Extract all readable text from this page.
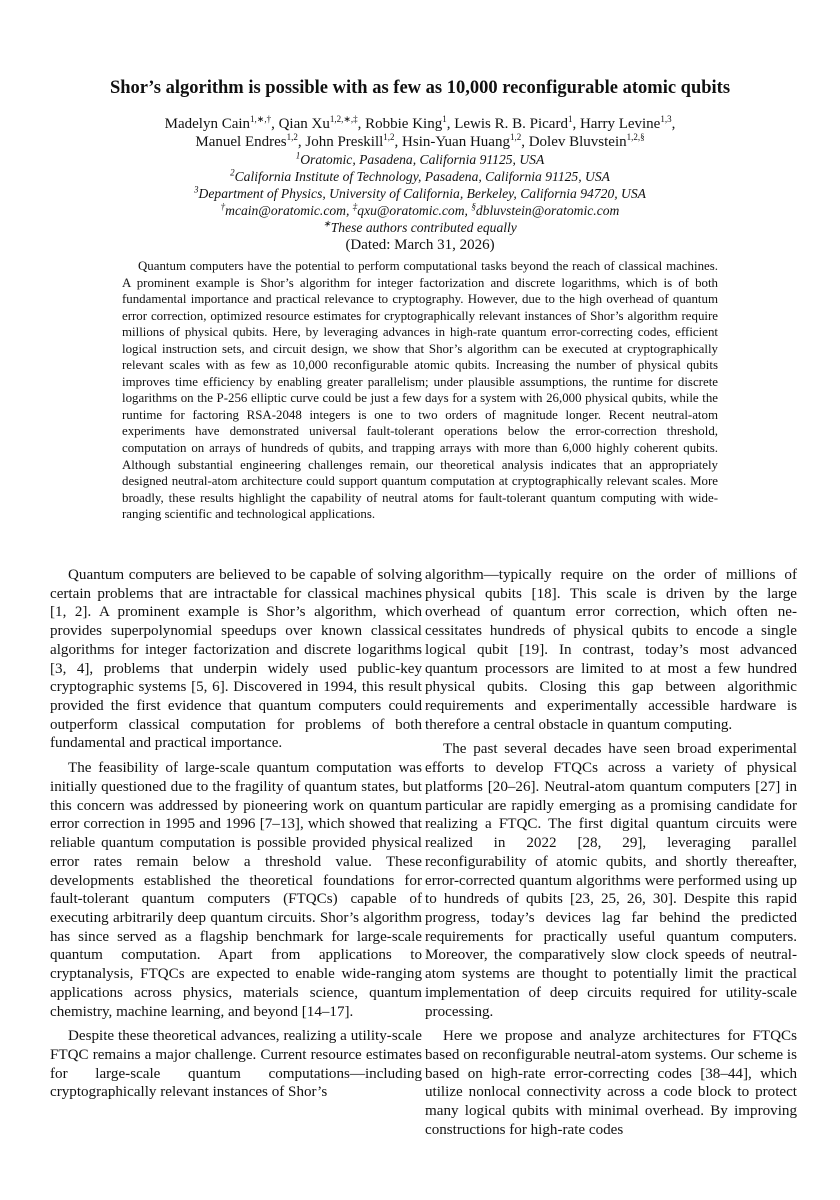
Shor’s algorithm is possible with as few as 10,000 reconfigurable atomic qubits
Madelyn Cain$^{1,∗,\dagger}$, Qian $Xu^{1,2,∗,\ddagger}$, Robbie King$^1$, Lewis R. B. Picard$^1$, Harry Levine$^{1,3}$,
Manuel Endres$^{1,2}$, John Preskill$^{1,2}$, Hsin-Yuan Huang$^{1,2}$, Dolev Bluvstein$^{1,2,\S}$
$^1$Oratomic, Pasadena, California 91125, USA
$^2$California Institute of Technology, Pasadena, California 91125, USA
$^3$Department of Physics, University of California, Berkeley, California 94720, USA
†mcain@oratomic.com, ‡qxu@oratomic.com, §dbluvstein@oratomic.com
∗These authors contributed equally
(Dated: March 31, 2026)
Quantum computers have the potential to perform computational tasks beyond the reach of classical machines. A prominent example is Shor’s algorithm for integer factorization and discrete logarithms, which is of both fundamental importance and practical relevance to cryptography. However, due to the high overhead of quantum error correction, optimized resource estimates for cryptographically relevant instances of Shor’s algorithm require millions of physical qubits. Here, by leveraging advances in high-rate quantum error-correcting codes, efficient logical instruction sets, and circuit design, we show that Shor’s algorithm can be executed at cryptographically relevant scales with as few as 10,000 reconfigurable atomic qubits. Increasing the number of physical qubits improves time efficiency by enabling greater parallelism; under plausible assumptions, the runtime for discrete logarithms on the P-256 elliptic curve could be just a few days for a system with 26,000 physical qubits, while the runtime for factoring RSA-2048 integers is one to two orders of magnitude longer. Recent neutral-atom experiments have demonstrated universal fault-tolerant operations below the error-correction threshold, computation on arrays of hundreds of qubits, and trapping arrays with more than 6,000 highly coherent qubits. Although substantial engineering challenges remain, our theoretical analysis indicates that an appropriately designed neutral-atom architecture could support quantum computation at cryptographically relevant scales. More broadly, these results highlight the capability of neutral atoms for fault-tolerant quantum computing with wide-ranging scientific and technological applications.

Quantum computers are believed to be capable of solving certain problems that are intractable for classical machines [1, 2]. A prominent example is Shor’s algorithm, which provides superpolynomial speedups over known classical algorithms for integer factorization and discrete logarithms [3, 4], problems that underpin widely used public-key cryptographic systems [5, 6]. Discovered in 1994, this result provided the first evidence that quantum computers could outperform classical computation for problems of both fundamental and practical importance.

The feasibility of large-scale quantum computation was initially questioned due to the fragility of quantum states, but this concern was addressed by pioneering work on quantum error correction in 1995 and 1996 [7–13], which showed that reliable quantum computation is possible provided physical error rates remain below a threshold value. These developments established the theoretical foundations for fault-tolerant quantum computers (FTQCs) capable of executing arbitrarily deep quantum circuits. Shor’s algorithm has since served as a flagship benchmark for large-scale quantum computation. Apart from applications to cryptanalysis, FTQCs are expected to enable wide-ranging applications across physics, materials science, quantum chemistry, machine learning, and beyond [14–17].

Despite these theoretical advances, realizing a utility-scale FTQC remains a major challenge. Current resource estimates for large-scale quantum computations—including cryptographically relevant instances of Shor’s

algorithm—typically require on the order of millions of physical qubits [18]. This scale is driven by the large overhead of quantum error correction, which often necessitates hundreds of physical qubits to encode a single logical qubit [19]. In contrast, today’s most advanced quantum processors are limited to at most a few hundred physical qubits. Closing this gap between algorithmic requirements and experimentally accessible hardware is therefore a central obstacle in quantum computing.

The past several decades have seen broad experimental efforts to develop FTQCs across a variety of physical platforms [20–26]. Neutral-atom quantum computers [27] in particular are rapidly emerging as a promising candidate for realizing a FTQC. The first digital quantum circuits were realized in 2022 [28, 29], leveraging parallel reconfigurability of atomic qubits, and shortly thereafter, error-corrected quantum algorithms were performed using up to hundreds of qubits [23, 25, 26, 30]. Despite this rapid progress, today’s devices lag far behind the predicted requirements for practically useful quantum computers. Moreover, the comparatively slow clock speeds of neutral-atom systems are thought to potentially limit the practical implementation of deep circuits required for utility-scale processing.

Here we propose and analyze architectures for FTQCs based on reconfigurable neutral-atom systems. Our scheme is based on high-rate error-correcting codes [38–44], which utilize nonlocal connectivity across a code block to protect many logical qubits with minimal overhead. By improving constructions for high-rate codes
